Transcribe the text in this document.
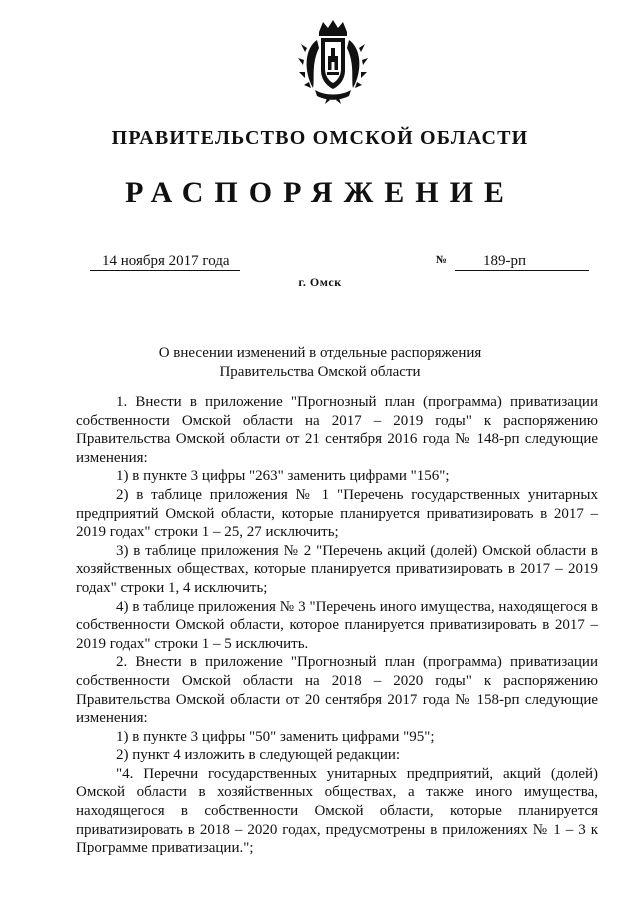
ПРАВИТЕЛЬСТВО ОМСКОЙ ОБЛАСТИ
РАСПОРЯЖЕНИЕ
14 ноября 2017 года	№	189-рп
г. Омск
О внесении изменений в отдельные распоряжения
Правительства Омской области

1. Внести в приложение "Прогнозный план (программа) приватизации собственности Омской области на 2017 – 2019 годы" к распоряжению Правительства Омской области от 21 сентября 2016 года № 148-рп следующие изменения:

1) в пункте 3 цифры "263" заменить цифрами "156";

2) в таблице приложения № 1 "Перечень государственных унитарных предприятий Омской области, которые планируется приватизировать в 2017 – 2019 годах" строки 1 – 25, 27 исключить;

3) в таблице приложения № 2 "Перечень акций (долей) Омской области в хозяйственных обществах, которые планируется приватизировать в 2017 – 2019 годах" строки 1, 4 исключить;

4) в таблице приложения № 3 "Перечень иного имущества, находящегося в собственности Омской области, которое планируется приватизировать в 2017 – 2019 годах" строки 1 – 5 исключить.

2. Внести в приложение "Прогнозный план (программа) приватизации собственности Омской области на 2018 – 2020 годы" к распоряжению Правительства Омской области от 20 сентября 2017 года № 158-рп следующие изменения:

1) в пункте 3 цифры "50" заменить цифрами "95";

2) пункт 4 изложить в следующей редакции:

"4. Перечни государственных унитарных предприятий, акций (долей) Омской области в хозяйственных обществах, а также иного имущества, находящегося в собственности Омской области, которые планируется приватизировать в 2018 – 2020 годах, предусмотрены в приложениях № 1 – 3 к Программе приватизации.";
